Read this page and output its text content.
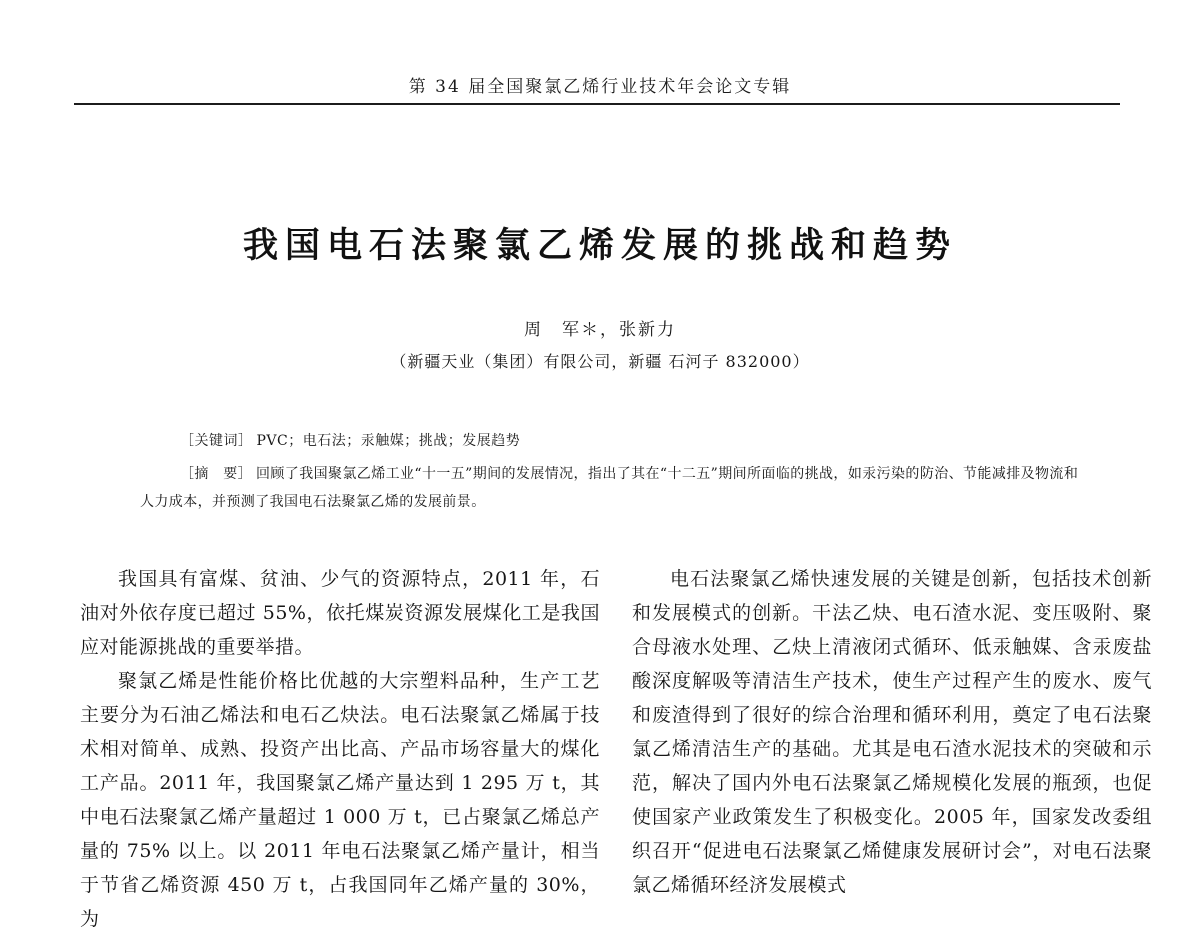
第 34 届全国聚氯乙烯行业技术年会论文专辑
我国电石法聚氯乙烯发展的挑战和趋势
周　军＊，张新力
（新疆天业（集团）有限公司，新疆 石河子 832000）
［关键词］ PVC；电石法；汞触媒；挑战；发展趋势
［摘　要］ 回顾了我国聚氯乙烯工业“十一五”期间的发展情况，指出了其在“十二五”期间所面临的挑战，如汞污染的防治、节能减排及物流和人力成本，并预测了我国电石法聚氯乙烯的发展前景。

我国具有富煤、贫油、少气的资源特点，2011 年，石油对外依存度已超过 55%，依托煤炭资源发展煤化工是我国应对能源挑战的重要举措。

聚氯乙烯是性能价格比优越的大宗塑料品种，生产工艺主要分为石油乙烯法和电石乙炔法。电石法聚氯乙烯属于技术相对简单、成熟、投资产出比高、产品市场容量大的煤化工产品。2011 年，我国聚氯乙烯产量达到 1 295 万 t，其中电石法聚氯乙烯产量超过 1 000 万 t，已占聚氯乙烯总产量的 75% 以上。以 2011 年电石法聚氯乙烯产量计，相当于节省乙烯资源 450 万 t，占我国同年乙烯产量的 30%，为

电石法聚氯乙烯快速发展的关键是创新，包括技术创新和发展模式的创新。干法乙炔、电石渣水泥、变压吸附、聚合母液水处理、乙炔上清液闭式循环、低汞触媒、含汞废盐酸深度解吸等清洁生产技术，使生产过程产生的废水、废气和废渣得到了很好的综合治理和循环利用，奠定了电石法聚氯乙烯清洁生产的基础。尤其是电石渣水泥技术的突破和示范，解决了国内外电石法聚氯乙烯规模化发展的瓶颈，也促使国家产业政策发生了积极变化。2005 年，国家发改委组织召开“促进电石法聚氯乙烯健康发展研讨会”，对电石法聚氯乙烯循环经济发展模式
